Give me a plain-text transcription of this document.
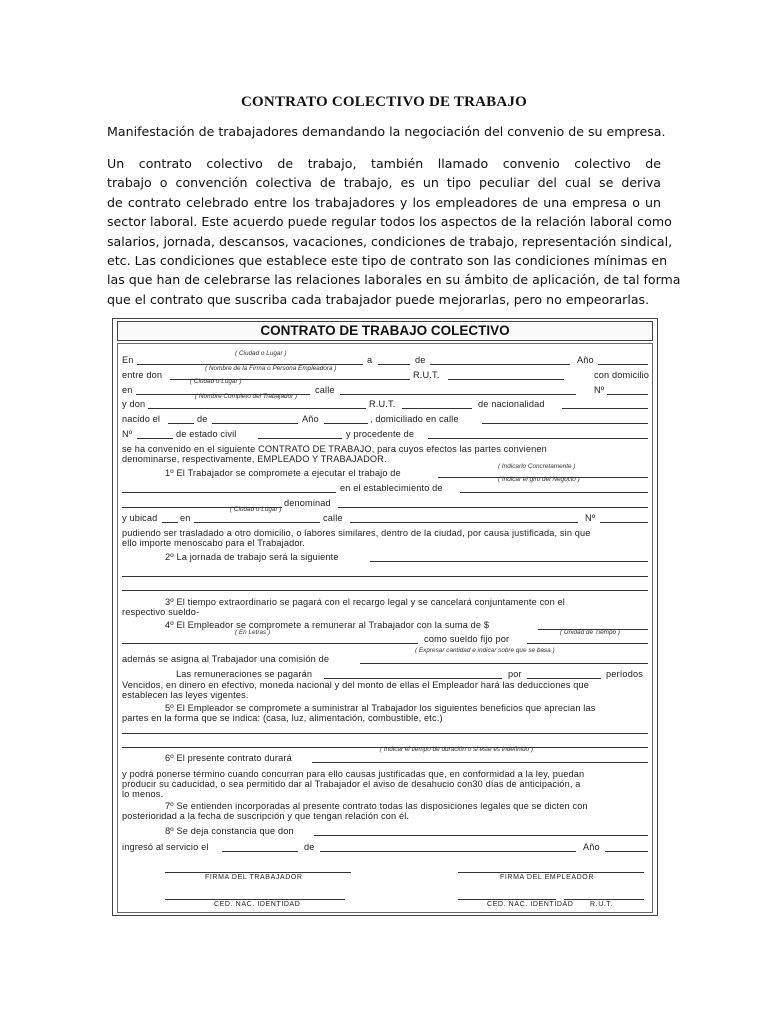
CONTRATO COLECTIVO DE TRABAJO
Manifestación de trabajadores demandando la negociación del convenio de su empresa.
Un contrato colectivo de trabajo, también llamado convenio colectivo de
trabajo o convención colectiva de trabajo, es un tipo peculiar del cual se deriva
de contrato celebrado entre los trabajadores y los empleadores de una empresa o un
sector laboral. Este acuerdo puede regular todos los aspectos de la relación laboral como
salarios, jornada, descansos, vacaciones, condiciones de trabajo, representación sindical,
etc. Las condiciones que establece este tipo de contrato son las condiciones mínimas en
las que han de celebrarse las relaciones laborales en su ámbito de aplicación, de tal forma
que el contrato que suscriba cada trabajador puede mejorarlas, pero no empeorarlas.
CONTRATO DE TRABAJO COLECTIVO
( Ciudad o Lugar )
En	a	de	Año
( Nombre de la Firma o Persona Empleadora )
entre don	R.U.T.	con domicilio
( Ciudad o Lugar )
en	calle	Nº
( Nombre Completo del Trabajador )
y don	R.U.T.	de nacionalidad
nacido el	de	Año	, domiciliado en calle
Nº	de estado civil	y procedente de
se ha convenido en el siguiente CONTRATO DE TRABAJO, para cuyos efectos las partes convienen
denominarse, respectivamente, EMPLEADO Y TRABAJADOR.
( Indicarlo Concretamente )
1º El Trabajador se compromete a ejecutar el trabajo de
( Indicar el giro del Negocio )
en el establecimiento de
denominad
( Ciudad o Lugar )
y ubicad en	calle	Nº
pudiendo ser trasladado a otro domicilio, o labores similares, dentro de la ciudad, por causa justificada, sin que
ello importe menoscabo para el Trabajador.
2º La jornada de trabajo será la siguiente
3º El tiempo extraordinario se pagará con el recargo legal y se cancelará conjuntamente con el
respectivo sueldo-
4º El Empleador se compromete a remunerar al Trabajador con la suma de $
( En Letras )	( Unidad de Tiempo )
como sueldo fijo por
( Expresar cantidad e indicar sobre que se basa )
además se asigna al Trabajador una comisión de
Las remuneraciones se pagarán	por	períodos
Vencidos, en dinero en efectivo, moneda nacional y del monto de ellas el Empleador hará las deducciones que
establecen las leyes vigentes.
5º El Empleador se compromete a suministrar al Trabajador los siguientes beneficios que aprecian las
partes en la forma que se indica: (casa, luz, alimentación, combustible, etc.)
( Indicar el tiempo de duración o si este es indefinido )
6º El presente contrato durará
y podrá ponerse término cuando concurran para ello causas justificadas que, en conformidad a la ley, puedan
producir su caducidad, o sea permitido dar al Trabajador el aviso de desahucio con30 días de anticipación, a
lo menos.
7º Se entienden incorporadas al presente contrato todas las disposiciones legales que se dicten con
posterioridad a la fecha de suscripción y que tengan relación con él.
8º Se deja constancia que don
ingresó al servicio el	de	Año
FIRMA DEL TRABAJADOR	FIRMA DEL EMPLEADOR
CED. NAC. IDENTIDAD	CED. NAC. IDENTIDAD R.U.T.
